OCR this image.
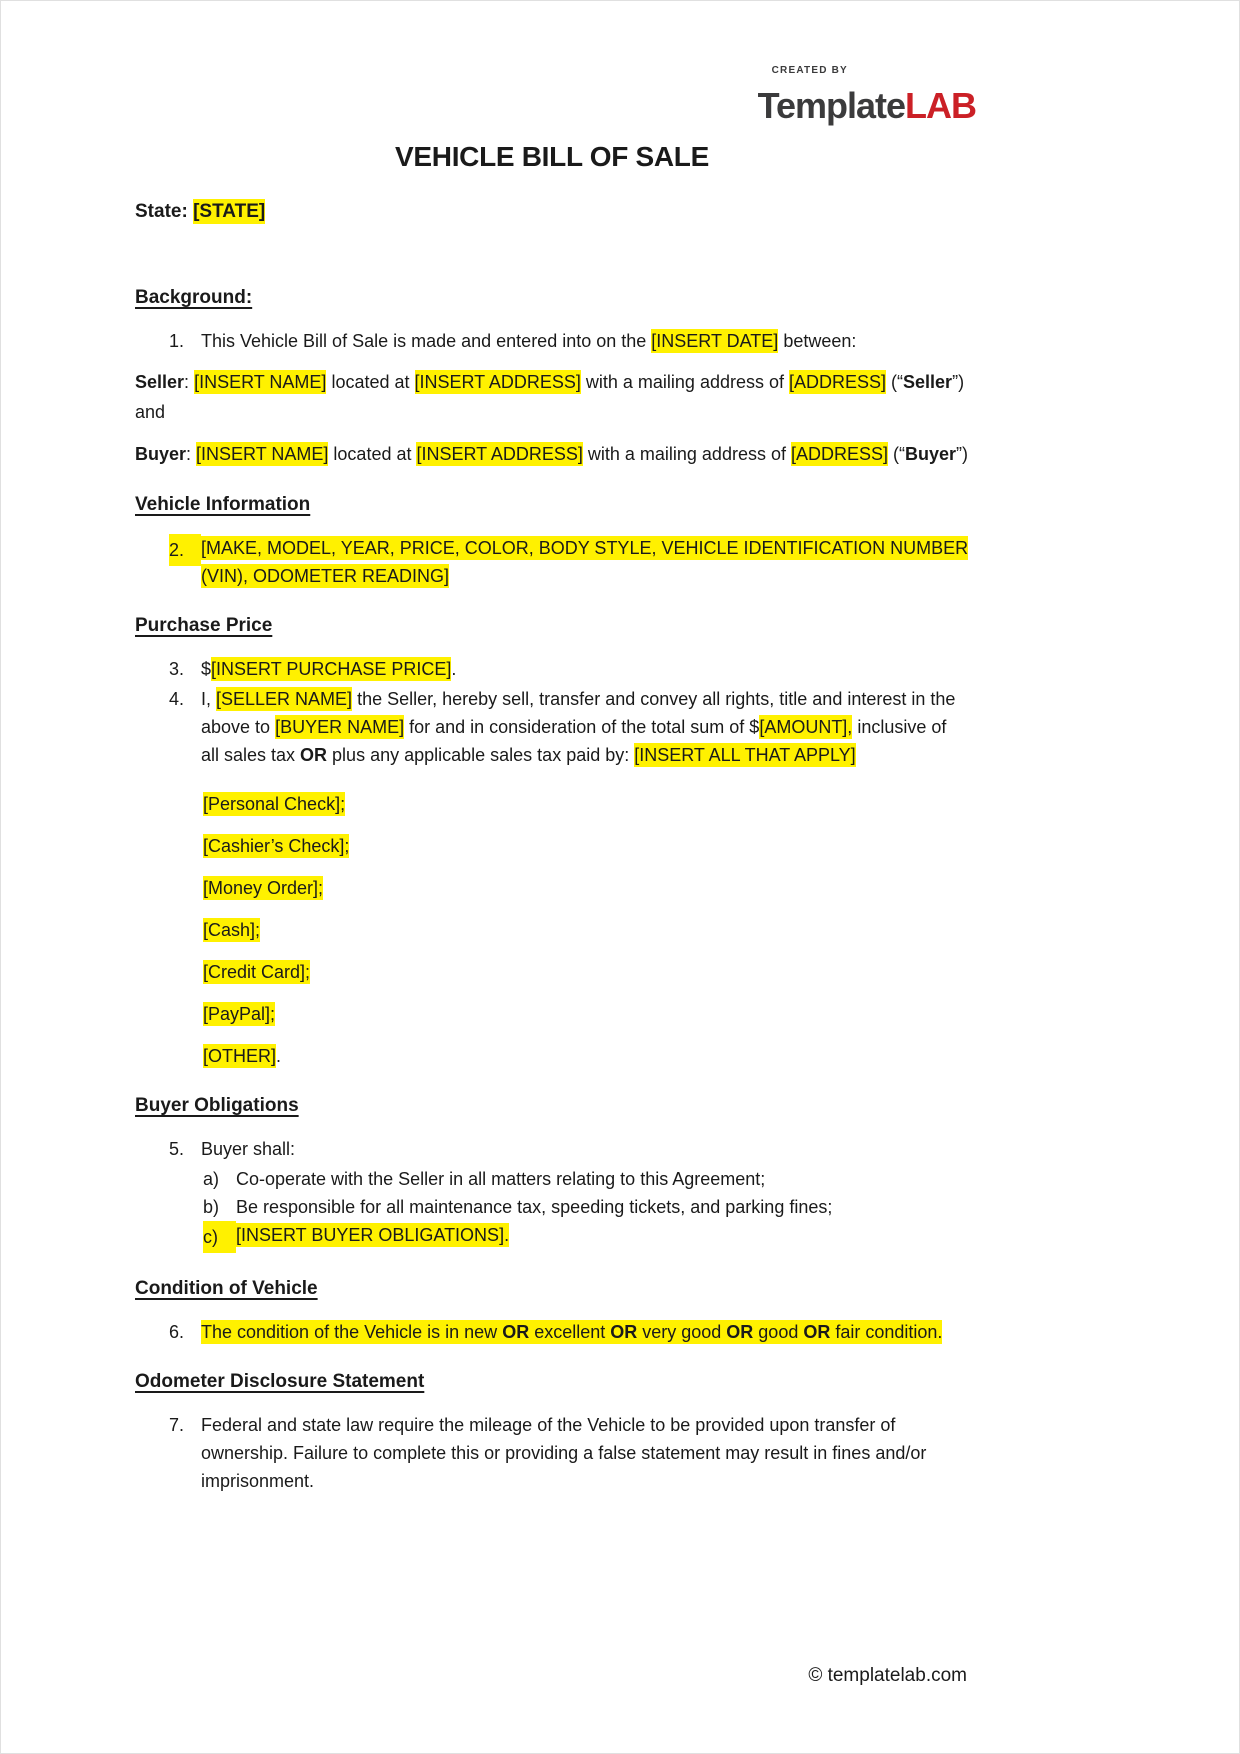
CREATED BY
TemplateLAB
VEHICLE BILL OF SALE

State: [STATE]

Background:
1. This Vehicle Bill of Sale is made and entered into on the [INSERT DATE] between:

Seller: [INSERT NAME] located at [INSERT ADDRESS] with a mailing address of [ADDRESS] (“Seller”) and

Buyer: [INSERT NAME] located at [INSERT ADDRESS] with a mailing address of [ADDRESS] (“Buyer”)

Vehicle Information
2. [MAKE, MODEL, YEAR, PRICE, COLOR, BODY STYLE, VEHICLE IDENTIFICATION NUMBER (VIN), ODOMETER READING]
Purchase Price
3. $[INSERT PURCHASE PRICE].
4. I, [SELLER NAME] the Seller, hereby sell, transfer and convey all rights, title and interest in the above to [BUYER NAME] for and in consideration of the total sum of $[AMOUNT], inclusive of all sales tax OR plus any applicable sales tax paid by: [INSERT ALL THAT APPLY]

[Personal Check];

[Cashier’s Check];

[Money Order];

[Cash];

[Credit Card];

[PayPal];

[OTHER].

Buyer Obligations
5. Buyer shall:
a) Co-operate with the Seller in all matters relating to this Agreement;
b) Be responsible for all maintenance tax, speeding tickets, and parking fines;
c)	[INSERT BUYER OBLIGATIONS].
Condition of Vehicle
6. The condition of the Vehicle is in new OR excellent OR very good OR good OR fair condition.
Odometer Disclosure Statement
7. Federal and state law require the mileage of the Vehicle to be provided upon transfer of ownership. Failure to complete this or providing a false statement may result in fines and/or imprisonment.
© templatelab.com
